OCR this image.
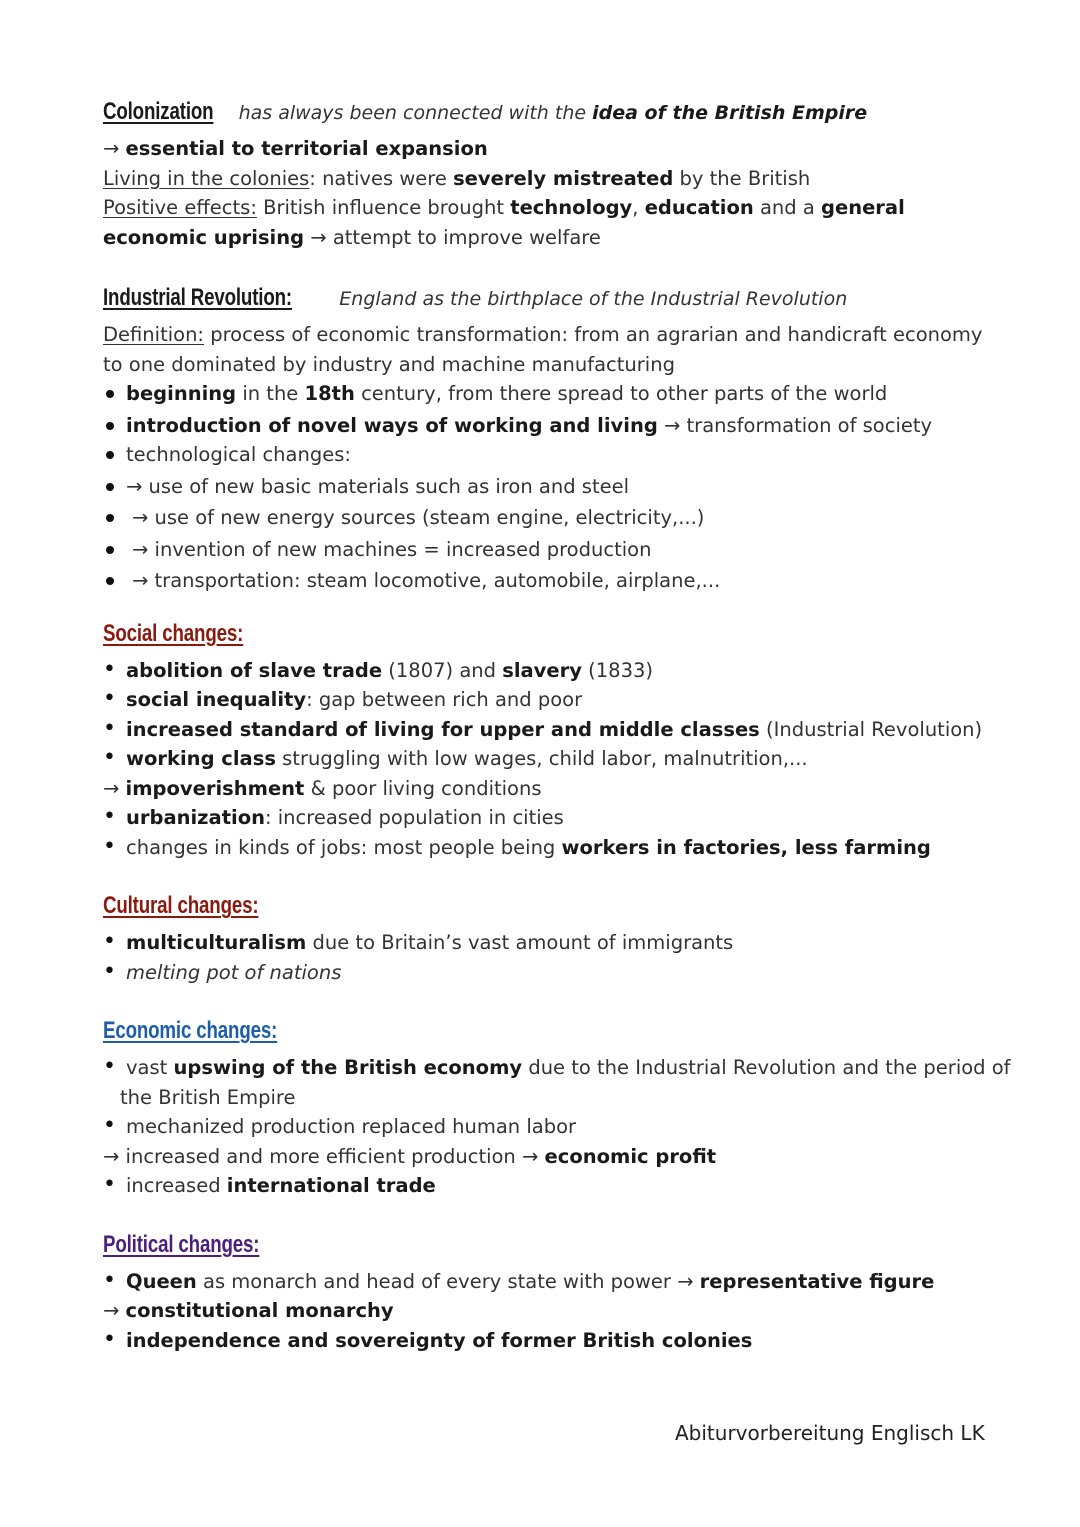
Colonization has always been connected with the idea of the British Empire
→ essential to territorial expansion
Living in the colonies: natives were severely mistreated by the British
Positive effects: British influence brought technology, education and a general
economic uprising → attempt to improve welfare
Industrial Revolution: England as the birthplace of the Industrial Revolution
Definition: process of economic transformation: from an agrarian and handicraft economy
to one dominated by industry and machine manufacturing
beginning in the 18th century, from there spread to other parts of the world
introduction of novel ways of working and living → transformation of society
technological changes:
→ use of new basic materials such as iron and steel
→ use of new energy sources (steam engine, electricity,...)
→ invention of new machines = increased production
→ transportation: steam locomotive, automobile, airplane,...
Social changes:
• abolition of slave trade (1807) and slavery (1833)
• social inequality: gap between rich and poor
• increased standard of living for upper and middle classes (Industrial Revolution)
• working class struggling with low wages, child labor, malnutrition,...
→ impoverishment & poor living conditions
• urbanization: increased population in cities
• changes in kinds of jobs: most people being workers in factories, less farming
Cultural changes:
• multiculturalism due to Britain’s vast amount of immigrants
• melting pot of nations
Economic changes:
• vast upswing of the British economy due to the Industrial Revolution and the period of
the British Empire
• mechanized production replaced human labor
→ increased and more efficient production → economic profit
• increased international trade
Political changes:
• Queen as monarch and head of every state with power → representative figure
→ constitutional monarchy
• independence and sovereignty of former British colonies
Abiturvorbereitung Englisch LK
